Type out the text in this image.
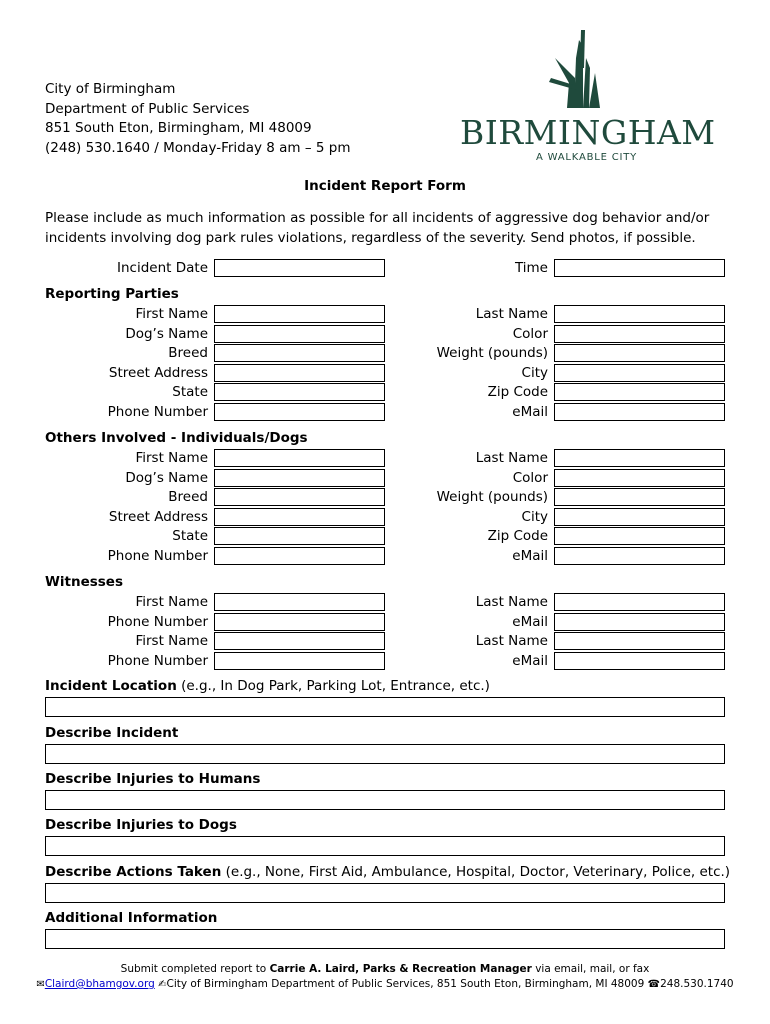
City of Birmingham
Department of Public Services
851 South Eton, Birmingham, MI 48009
(248) 530.1640 / Monday-Friday 8 am – 5 pm	BIRMINGHAM
A WALKABLE CITY
Incident Report Form
Please include as much information as possible for all incidents of aggressive dog behavior and/or incidents involving dog park rules violations, regardless of the severity. Send photos, if possible.
Incident Date	Time
Reporting Parties
First Name
Dog’s Name
Breed
Street Address
State
Phone Number
Last Name
Color
Weight (pounds)
City
Zip Code
eMail
Others Involved - Individuals/Dogs
First Name
Dog’s Name
Breed
Street Address
State
Phone Number
Last Name
Color
Weight (pounds)
City
Zip Code
eMail
Witnesses
First Name
Phone Number
First Name
Phone Number
Last Name
eMail
Last Name
eMail
Incident Location (e.g., In Dog Park, Parking Lot, Entrance, etc.)
Describe Incident
Describe Injuries to Humans
Describe Injuries to Dogs
Describe Actions Taken (e.g., None, First Aid, Ambulance, Hospital, Doctor, Veterinary, Police, etc.)
Additional Information
Submit completed report to Carrie A. Laird, Parks & Recreation Manager via email, mail, or fax
✉Claird@bhamgov.org ✍City of Birmingham Department of Public Services, 851 South Eton, Birmingham, MI 48009 ☎248.530.1740
